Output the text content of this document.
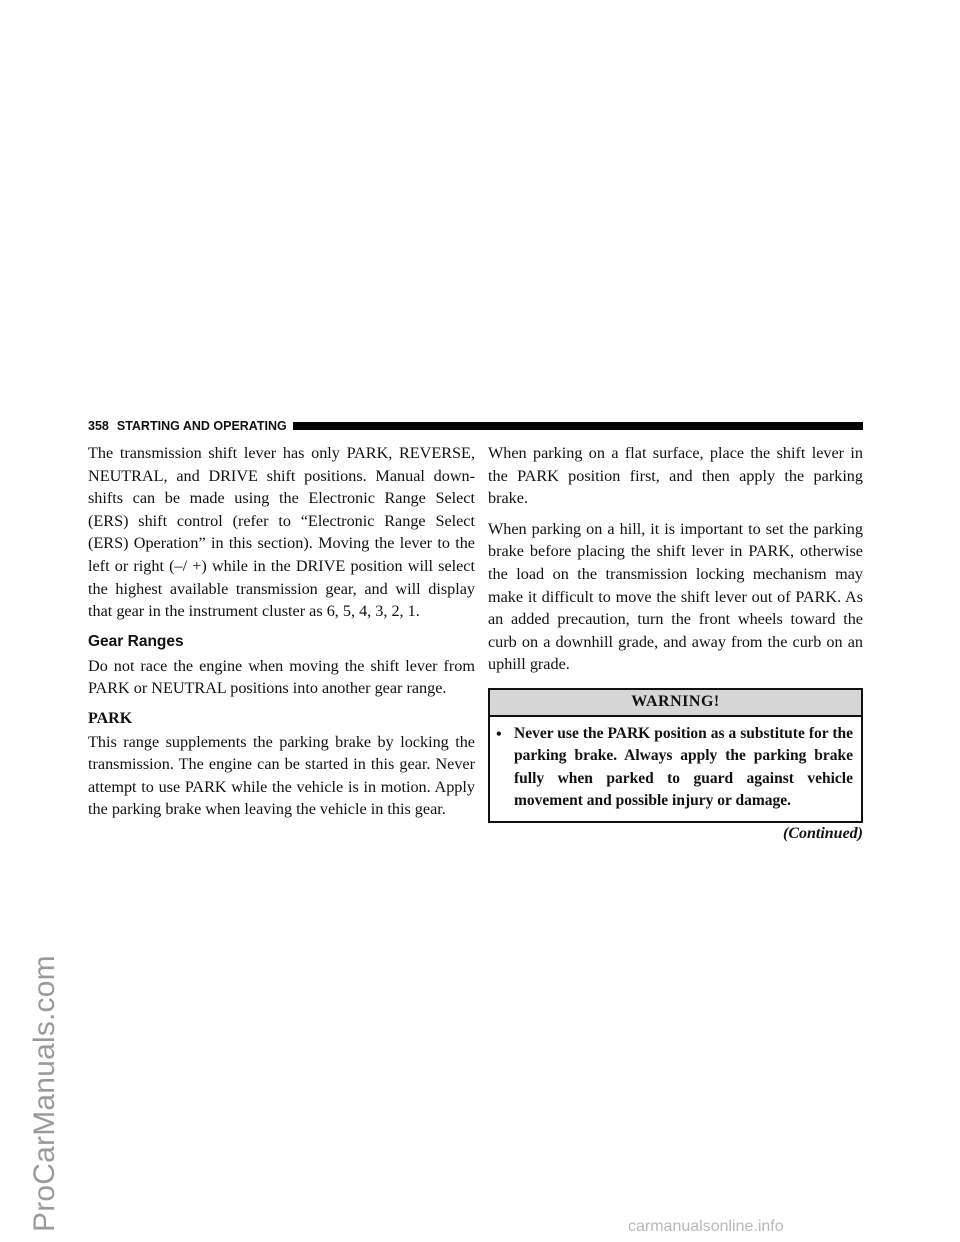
ProCarManuals.com
358 STARTING AND OPERATING

The transmission shift lever has only PARK, REVERSE, NEUTRAL, and DRIVE shift positions. Manual down-shifts can be made using the Electronic Range Select (ERS) shift control (refer to “Electronic Range Select (ERS) Operation” in this section). Moving the lever to the left or right (–/ +) while in the DRIVE position will select the highest available transmission gear, and will display that gear in the instrument cluster as 6, 5, 4, 3, 2, 1.

Gear Ranges

Do not race the engine when moving the shift lever from PARK or NEUTRAL positions into another gear range.

PARK

This range supplements the parking brake by locking the transmission. The engine can be started in this gear. Never attempt to use PARK while the vehicle is in motion. Apply the parking brake when leaving the vehicle in this gear.

When parking on a flat surface, place the shift lever in the PARK position first, and then apply the parking brake.

When parking on a hill, it is important to set the parking brake before placing the shift lever in PARK, otherwise the load on the transmission locking mechanism may make it difficult to move the shift lever out of PARK. As an added precaution, turn the front wheels toward the curb on a downhill grade, and away from the curb on an uphill grade.

WARNING!
• Never use the PARK position as a substitute for the parking brake. Always apply the parking brake fully when parked to guard against vehicle movement and possible injury or damage.
(Continued)
carmanualsonline.info
